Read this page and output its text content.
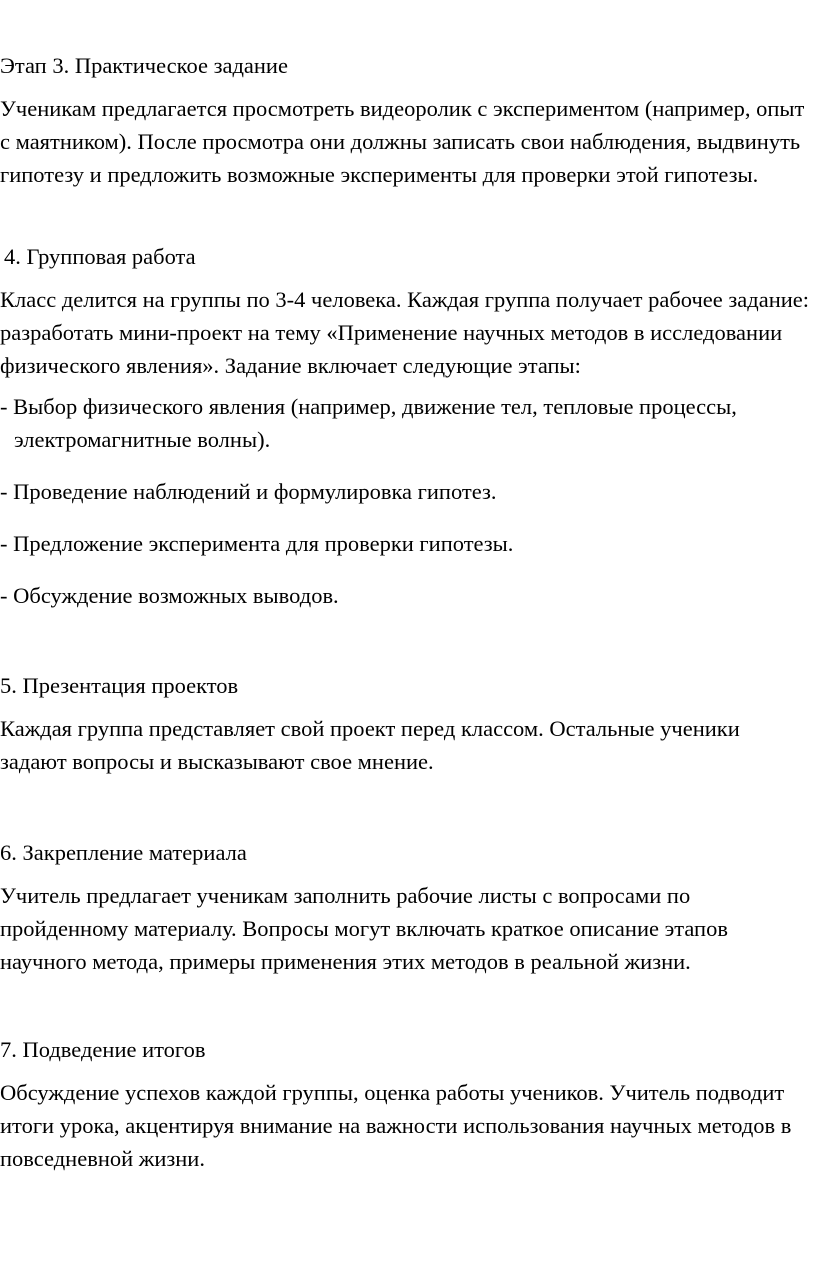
Этап 3. Практическое задание

Ученикам предлагается просмотреть видеоролик с экспериментом (например, опыт с маятником). После просмотра они должны записать свои наблюдения, выдвинуть гипотезу и предложить возможные эксперименты для проверки этой гипотезы.

4. Групповая работа

Класс делится на группы по 3-4 человека. Каждая группа получает рабочее задание: разработать мини-проект на тему «Применение научных методов в исследовании физического явления». Задание включает следующие этапы:

- Выбор физического явления (например, движение тел, тепловые процессы, электромагнитные волны).
- Проведение наблюдений и формулировка гипотез.
- Предложение эксперимента для проверки гипотезы.
- Обсуждение возможных выводов.
5. Презентация проектов

Каждая группа представляет свой проект перед классом. Остальные ученики задают вопросы и высказывают свое мнение.

6. Закрепление материала

Учитель предлагает ученикам заполнить рабочие листы с вопросами по пройденному материалу. Вопросы могут включать краткое описание этапов научного метода, примеры применения этих методов в реальной жизни.

7. Подведение итогов

Обсуждение успехов каждой группы, оценка работы учеников. Учитель подводит итоги урока, акцентируя внимание на важности использования научных методов в повседневной жизни.
